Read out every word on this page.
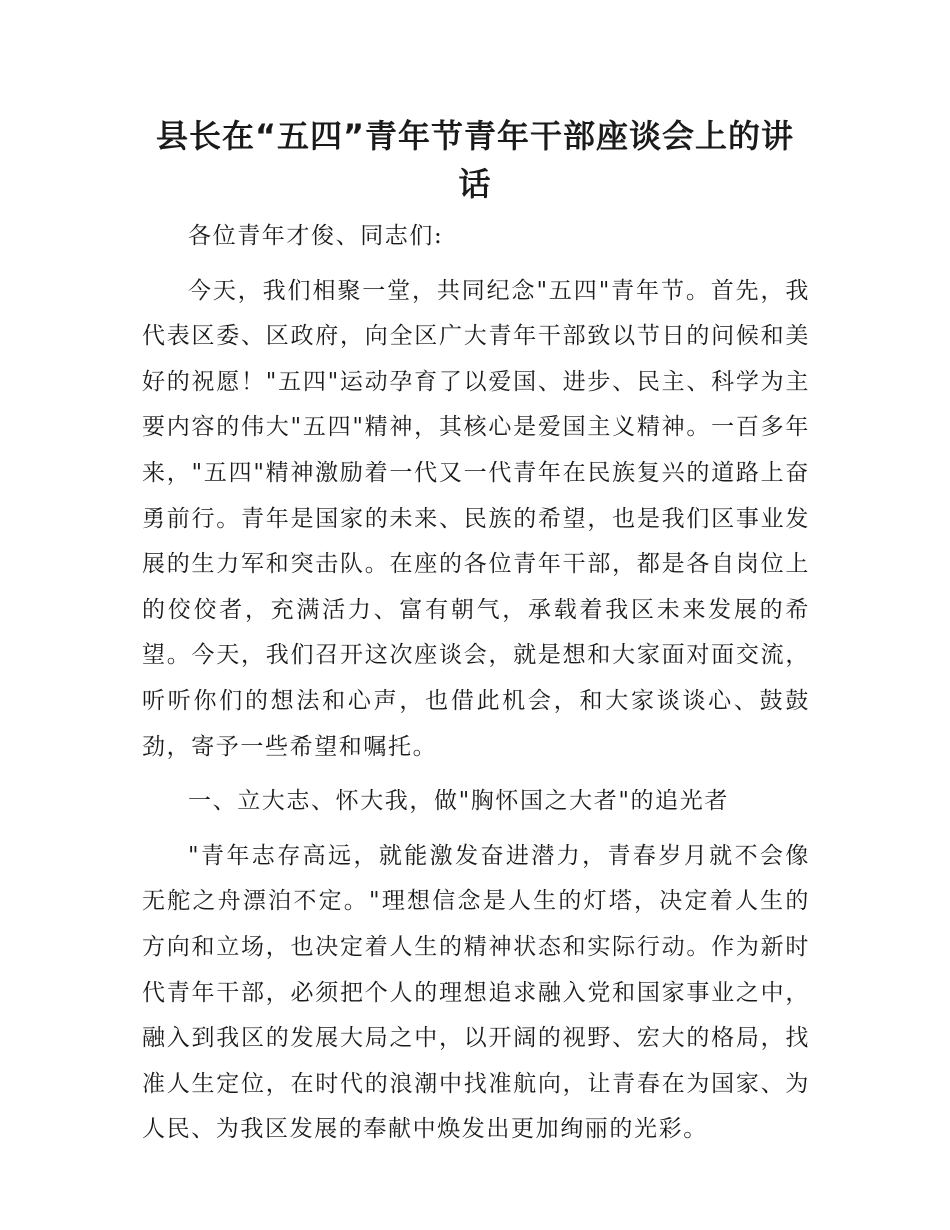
县长在“五四”青年节青年干部座谈会上的讲话

各位青年才俊、同志们:

今天，我们相聚一堂，共同纪念"五四"青年节。首先，我代表区委、区政府，向全区广大青年干部致以节日的问候和美好的祝愿！"五四"运动孕育了以爱国、进步、民主、科学为主要内容的伟大"五四"精神，其核心是爱国主义精神。一百多年来，"五四"精神激励着一代又一代青年在民族复兴的道路上奋勇前行。青年是国家的未来、民族的希望，也是我们区事业发展的生力军和突击队。在座的各位青年干部，都是各自岗位上的佼佼者，充满活力、富有朝气，承载着我区未来发展的希望。今天，我们召开这次座谈会，就是想和大家面对面交流，听听你们的想法和心声，也借此机会，和大家谈谈心、鼓鼓劲，寄予一些希望和嘱托。

一、立大志、怀大我，做"胸怀国之大者"的追光者

"青年志存高远，就能激发奋进潜力，青春岁月就不会像无舵之舟漂泊不定。"理想信念是人生的灯塔，决定着人生的方向和立场，也决定着人生的精神状态和实际行动。作为新时代青年干部，必须把个人的理想追求融入党和国家事业之中，融入到我区的发展大局之中，以开阔的视野、宏大的格局，找准人生定位，在时代的浪潮中找准航向，让青春在为国家、为人民、为我区发展的奉献中焕发出更加绚丽的光彩。
